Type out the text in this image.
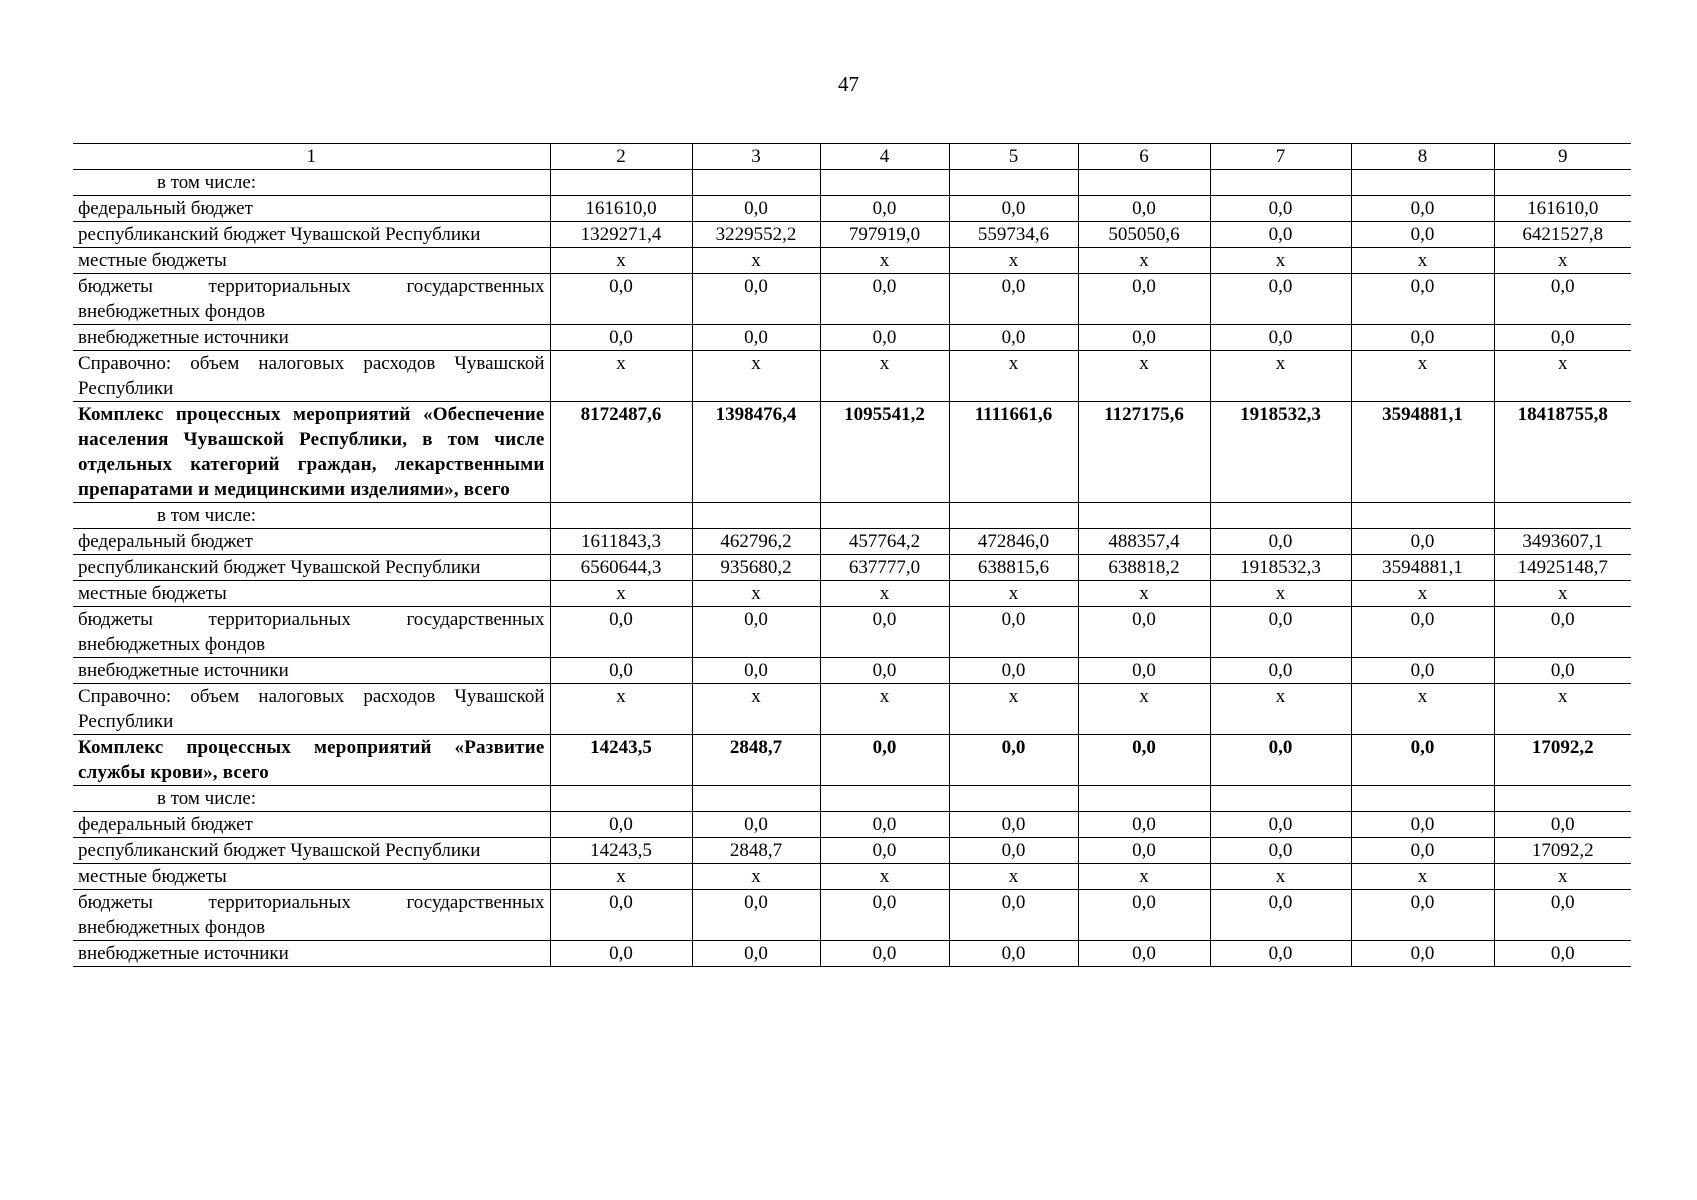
47
1	2	3	4	5	6	7	8	9
в том числе:								
федеральный бюджет	161610,0	0,0	0,0	0,0	0,0	0,0	0,0	161610,0
республиканский бюджет Чувашской Республики	1329271,4	3229552,2	797919,0	559734,6	505050,6	0,0	0,0	6421527,8
местные бюджеты	x	x	x	x	x	x	x	x
бюджеты территориальных государственных внебюджетных фондов	0,0	0,0	0,0	0,0	0,0	0,0	0,0	0,0
внебюджетные источники	0,0	0,0	0,0	0,0	0,0	0,0	0,0	0,0
Справочно: объем налоговых расходов Чувашской Республики	x	x	x	x	x	x	x	x
Комплекс процессных мероприятий «Обеспечение населения Чувашской Республики, в том числе отдельных категорий граждан, лекарственными препаратами и медицинскими изделиями», всего	8172487,6	1398476,4	1095541,2	1111661,6	1127175,6	1918532,3	3594881,1	18418755,8
в том числе:								
федеральный бюджет	1611843,3	462796,2	457764,2	472846,0	488357,4	0,0	0,0	3493607,1
республиканский бюджет Чувашской Республики	6560644,3	935680,2	637777,0	638815,6	638818,2	1918532,3	3594881,1	14925148,7
местные бюджеты	x	x	x	x	x	x	x	x
бюджеты территориальных государственных внебюджетных фондов	0,0	0,0	0,0	0,0	0,0	0,0	0,0	0,0
внебюджетные источники	0,0	0,0	0,0	0,0	0,0	0,0	0,0	0,0
Справочно: объем налоговых расходов Чувашской Республики	x	x	x	x	x	x	x	x
Комплекс процессных мероприятий «Развитие службы крови», всего	14243,5	2848,7	0,0	0,0	0,0	0,0	0,0	17092,2
в том числе:								
федеральный бюджет	0,0	0,0	0,0	0,0	0,0	0,0	0,0	0,0
республиканский бюджет Чувашской Республики	14243,5	2848,7	0,0	0,0	0,0	0,0	0,0	17092,2
местные бюджеты	x	x	x	x	x	x	x	x
бюджеты территориальных государственных внебюджетных фондов	0,0	0,0	0,0	0,0	0,0	0,0	0,0	0,0
внебюджетные источники	0,0	0,0	0,0	0,0	0,0	0,0	0,0	0,0
